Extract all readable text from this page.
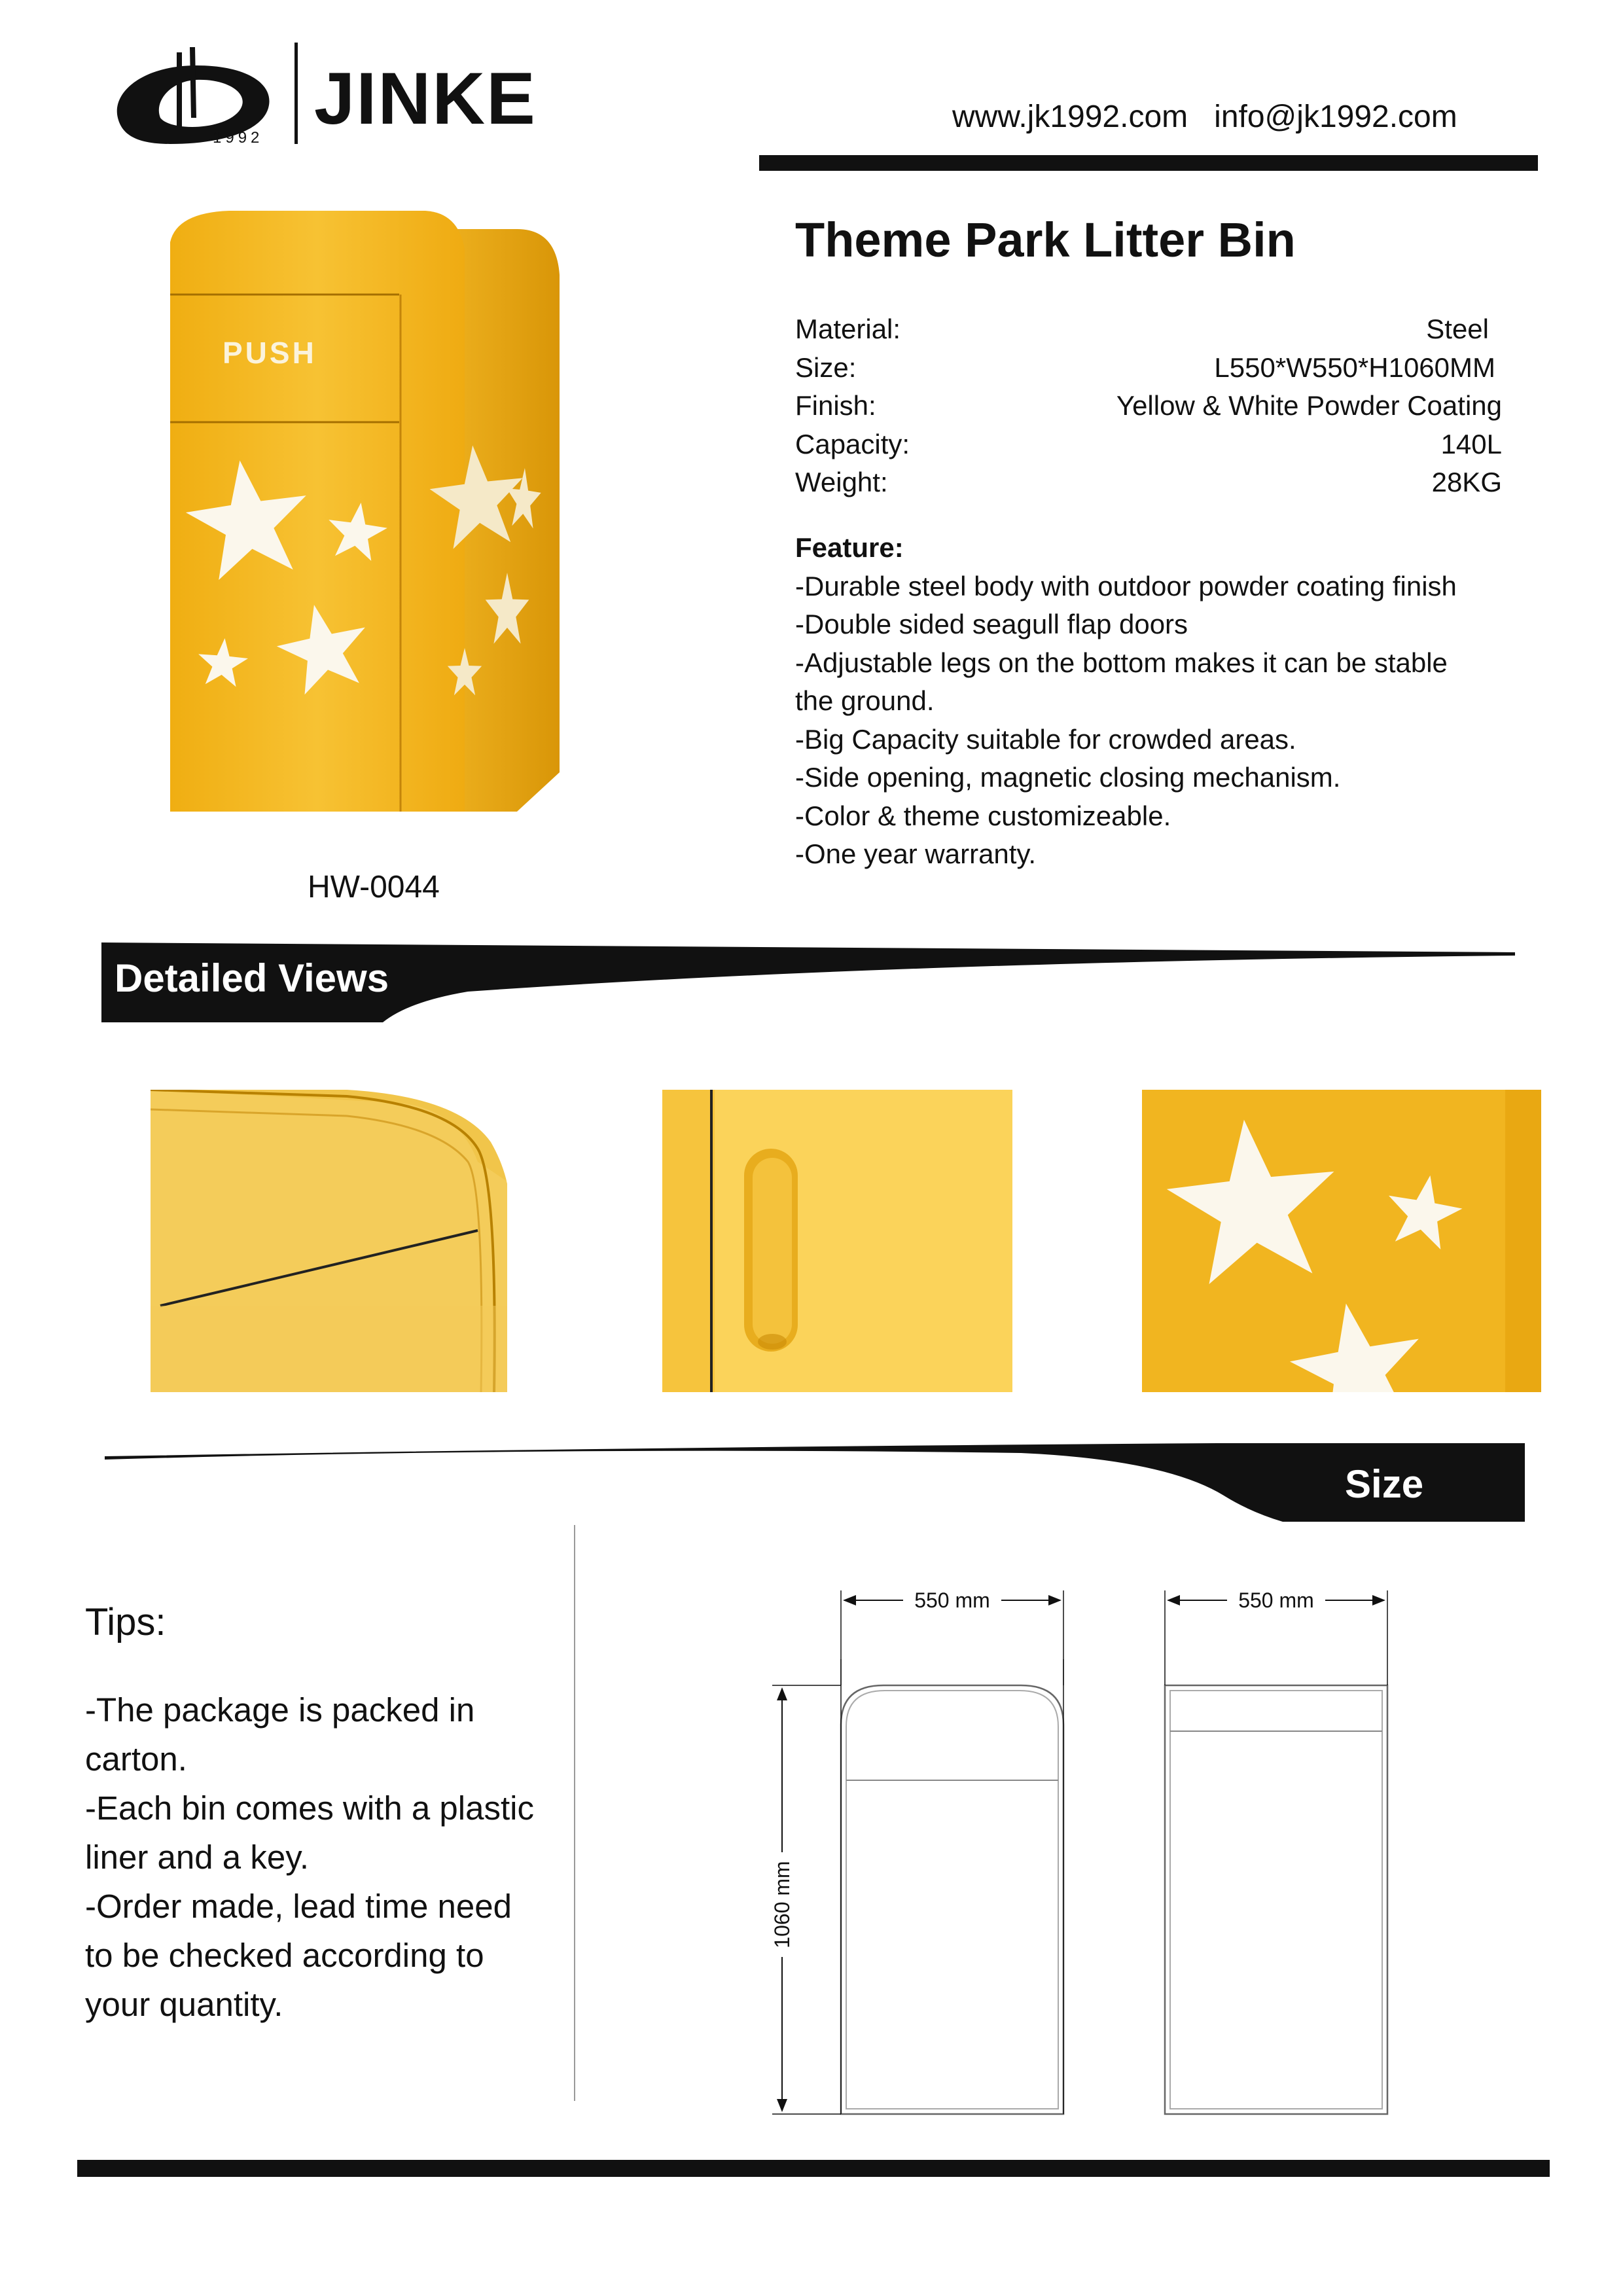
1992 JINKE	www.jk1992.com info@jk1992.com
PUSH
HW-0044
Theme Park Litter Bin
Material:	Steel
Size:	L550*W550*H1060MM
Finish:	Yellow & White Powder Coating
Capacity:	140L
Weight:	28KG
Feature:
-Durable steel body with outdoor powder coating finish
-Double sided seagull flap doors
-Adjustable legs on the bottom makes it can be stable
the ground.
-Big Capacity suitable for crowded areas.
-Side opening, magnetic closing mechanism.
-Color & theme customizeable.
-One year warranty.
Detailed Views
Size
Tips:
-The package is packed in
carton.
-Each bin comes with a plastic
liner and a key.
-Order made, lead time need
to be checked according to
your quantity.
550 mm	550 mm
1060 mm
